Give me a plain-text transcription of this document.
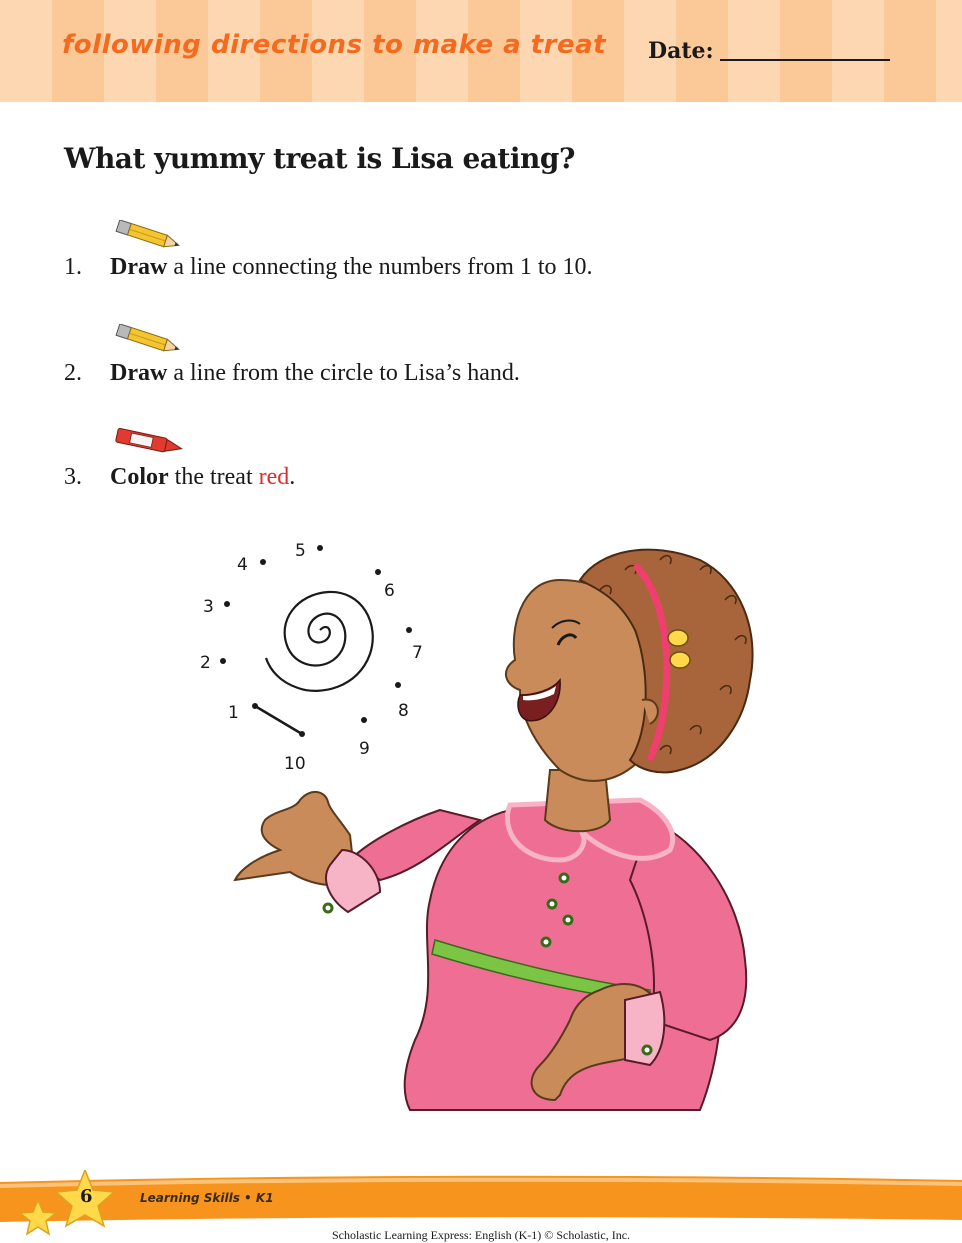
following directions to make a treat Date:
What yummy treat is Lisa eating?
1. Draw a line connecting the numbers from 1 to 10.
2. Draw a line from the circle to Lisa’s hand.
3. Color the treat red.
1
2
3
4
5
6
7
8
9
10
6	Learning Skills • K1
Scholastic Learning Express: English (K-1) © Scholastic, Inc.
